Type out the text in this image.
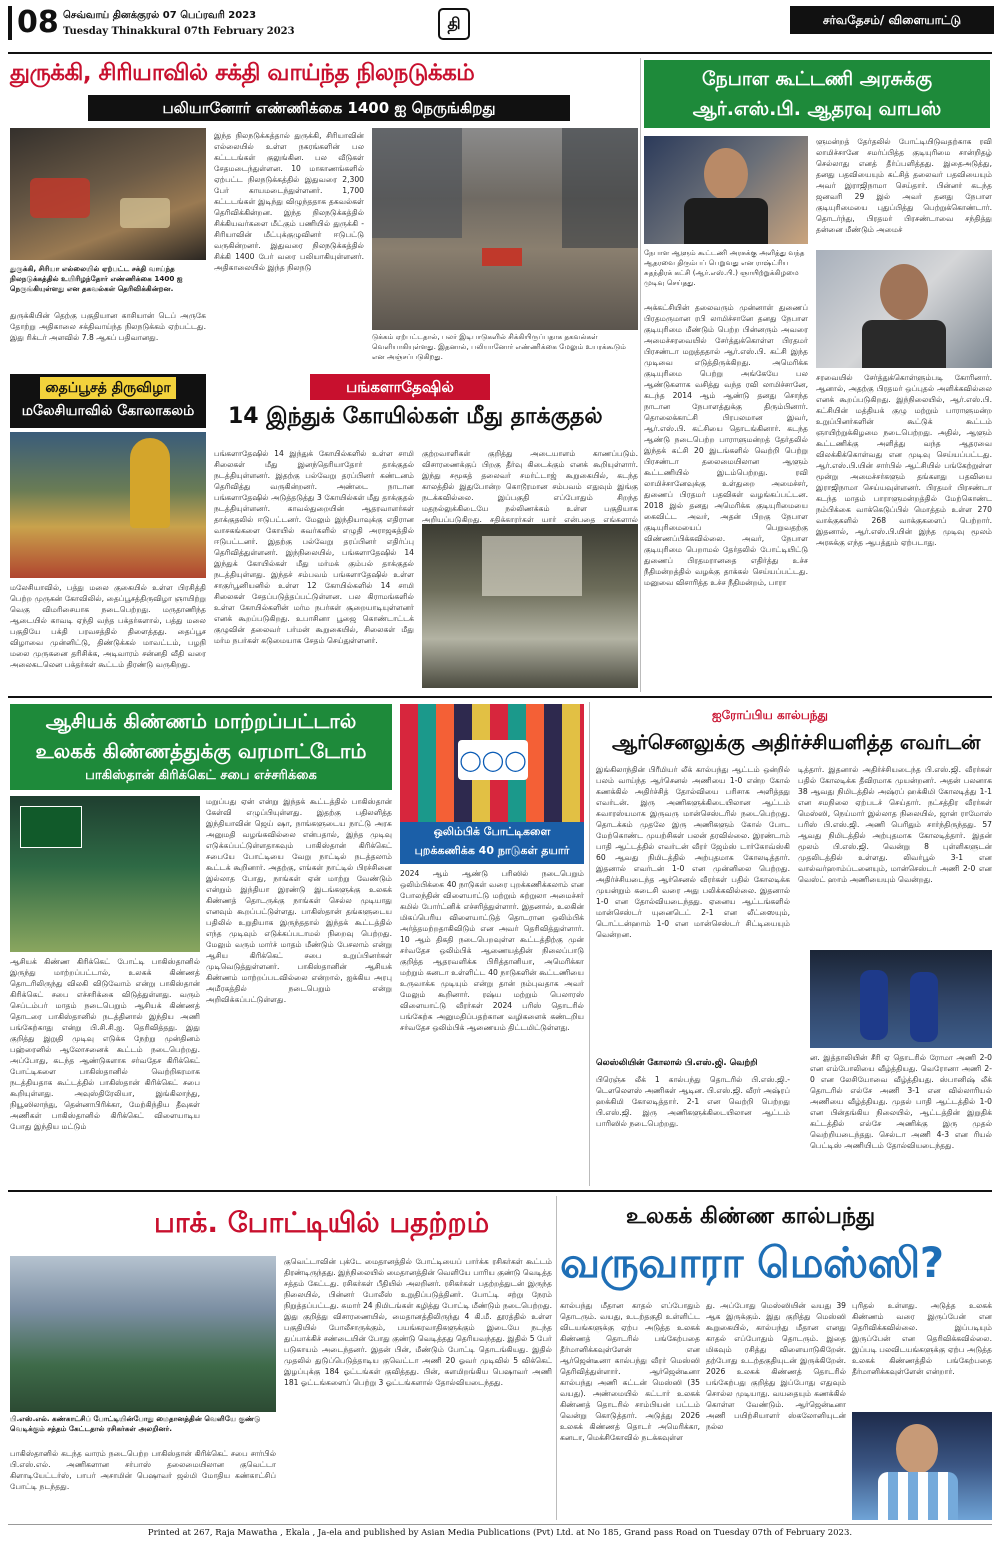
08 செவ்வாய் தினக்குரல் 07 பெப்ரவரி 2023
Tuesday Thinakkural 07th February 2023	தி	சர்வதேசம்/ விளையாட்டு
துருக்கி, சிரியாவில் சக்தி வாய்ந்த நிலநடுக்கம்
பலியானோர் எண்ணிக்கை 1400 ஐ நெருங்கிறது
துருக்கி, சிரியா எல்லையில் ஏற்பட்ட சக்தி வாய்ந்த நிலநடுக்கத்தில் உயிரிழந்தோர் எண்ணிக்கை 1400 ஐ நெருங்கியுள்ளது என தகவல்கள் தெரிவிக்கின்றன.
துருக்கியின் தெற்கு பகுதியான காசியான் டெப் அருகே தோற்று அதிகாலை சக்திவாய்ந்த நிலநடுக்கம் ஏற்பட்டது. இது ரிக்டர் அளவில் 7.8 ஆகப் பதிவானது.
இந்த நிலநடுக்கத்தால் துருக்கி, சிரியாவின் எல்லையில் உள்ள நகரங்களின் பல கட்டடங்கள் குலுங்கின. பல வீடுகள் சேதமடைந்துள்ளன. 10 மாகாணங்களில் ஏற்பட்ட நிலநடுக்கத்தில் இதுவரை 2,300 பேர் காயமடைந்துள்ளனர். 1,700 கட்டடங்கள் இடிந்து விழுந்ததாக தகவல்கள் தெரிவிக்கின்றன. இந்த நிலநடுக்கத்தில் சிக்கியவர்களை மீட்கும் பணியில் துருக்கி - சிரியாவின் மீட்புக்குழுவினர் ஈடுபட்டு வருகின்றனர். இதுவரை நிலநடுக்கத்தில் சிக்கி 1400 பேர் வரை பலியாகியுள்ளனர். அதிகாலையில் இந்த நிலநடு
டுக்கம் ஏற்பட்டதால், பலர் இடிபாடுகளில் சிக்கியிருப்பதாக தகவல்கள் வெளியாகியுள்ளது. இதனால், பலியானோர் எண்ணிக்கை மேலும் உயரக்கூடும் என அஞ்சப்படுகிறது.
நேபாள கூட்டணி அரசுக்கு
ஆர்.எஸ்.பி. ஆதரவு வாபஸ்
ளுமன்றத் தேர்தலில் போட்டியிடுவதற்காக ரவி லாமிச்சானே சமர்ப்பித்த குடியுரிமை சான்றிதழ் செல்லாது எனத் தீர்ப்பளித்தது. இதைஅடுத்து, தனது பதவியையும் கட்சித் தலைவர் பதவியையும் அவர் இராஜிநாமா செய்தார். பின்னர் கடந்த ஜனவரி 29 இல் அவர் தனது நேபாள குடியுரிமையை புதுப்பித்து பெற்றுக்கொண்டார். தொடர்ந்து, பிரதமர் பிரசண்டாவை சந்தித்து தன்னை மீண்டும் அமைச்
நேபாள ஆளும் கூட்டணி அரசுக்கு அளித்து வந்த ஆதரவை திரும்பப் பெறுவது என ராஷ்ட்ரிய சுதந்திரக் கட்சி (ஆர்.எஸ்.பி.) ஞாயிற்றுக்கிழமை முடிவு செய்தது.
அக்கட்சியின் தலைவரும் முன்னாள் துணைப் பிரதமருமான ரபி லாமிச்சானே தனது நேபாள குடியுரிமை மீண்டும் பெற்ற பின்னரும் அவரை அமைச்சரவையில் சேர்த்துக்கொள்ள பிரதமர் பிரசண்டா மறுத்ததால் ஆர்.எஸ்.பி. கட்சி இந்த முடிவை எடுத்திருக்கிறது. அமெரிக்க குடியுரிமை பெற்று அங்கேயே பல ஆண்டுகளாக வசித்து வந்த ரவி லாமிச்சானே, கடந்த 2014 ஆம் ஆண்டு தனது சொந்த நாடான நேபாளத்துக்கு திரும்பினார். தொலைக்காட்சி பிரபலமான இவர், ஆர்.எஸ்.பி. கட்சியை தொடங்கினார். கடந்த ஆண்டு நடைபெற்ற பாராளுமன்றத் தேர்தலில் இந்தக் கட்சி 20 இடங்களில் வெற்றி பெற்று பிரசண்டா தலைமையிலான ஆளும் கூட்டணியில் இடம்பெற்றது. ரவி லாமிச்சானேவுக்கு உள்துறை அமைச்சர், துணைப் பிரதமர் பதவிகள் வழங்கப்பட்டன. 2018 இல் தனது அமெரிக்க குடியுரிமையை கைவிட்ட அவர், அதன் பிறகு நேபாள குடியுரிமையைப் பெறுவதற்கு விண்ணப்பிக்கவில்லை. அவர், நேபாள குடியுரிமை பெறாமல் தேர்தலில் போட்டியிட்டு துணைப் பிரதமரானதை எதிர்த்து உச்ச நீதிமன்றத்தில் வழக்கு தாக்கல் செய்யப்பட்டது. மனுவை விசாரித்த உச்ச நீதிமன்றம், பாரா
சரவையில் சேர்த்துக்கொள்ளும்படி கோரினார். ஆனால், அதற்கு பிரதமர் ஒப்புதல் அளிக்கவில்லை எனக் கூறப்படுகிறது. இந்நிலையில், ஆர்.எஸ்.பி. கட்சியின் மத்தியக் குழு மற்றும் பாராளுமன்ற உறுப்பினர்களின் கூட்டுக் கூட்டம் ஞாயிற்றுக்கிழமை நடைபெற்றது. அதில், ஆளும் கூட்டணிக்கு அளித்து வந்த ஆதரவை விலக்கிக்கொள்வது என முடிவு செய்யப்பட்டது. ஆர்.எஸ்.பி.யின் சார்பில் ஆட்சியில் பங்கேற்றுள்ள மூன்று அமைச்சர்களும் தங்களது பதவியை இராஜிநாமா செய்யவுள்ளனர். பிரதமர் பிரசண்டா கடந்த மாதம் பாராளுமன்றத்தில் மேற்கொண்ட நம்பிக்கை வாக்கெடுப்பில் மொத்தம் உள்ள 270 வாக்குகளில் 268 வாக்குகளைப் பெற்றார். இதனால், ஆர்.எஸ்.பி.யின் இந்த முடிவு மூலம் அரசுக்கு எந்த ஆபத்தும் ஏற்படாது.
தைப்பூசத் திருவிழா
மலேசியாவில் கோலாகலம்
மலேசியாவில், பத்து மலை குகையில் உள்ள பிரசித்தி பெற்ற முருகன் கோவிலில், தைப்பூசத்திருவிழா ஞாயிற்று வெகு விமரிசையாக நடைபெற்றது. மருதாணிந்த ஆடையில் காவடி ஏந்தி வந்த பக்தர்களால், பத்து மலை பகுதியே பக்தி பரவசத்தில் திளைத்தது. தைப்பூச விழாவை முன்னிட்டு, திண்டுக்கல் மாவட்டம், பழநி மலை முருகனை தரிசிக்க, அடிவாரம் சன்னதி வீதி வரை அலைகடலென பக்தர்கள் கூட்டம் திரண்டு வருகிறது.
பங்களாதேஷில்
14 இந்துக் கோயில்கள் மீது தாக்குதல்
பங்களாதேஷில் 14 இந்துக் கோயில்களில் உள்ள சாமி சிலைகள் மீது இனந்தெரியாதோர் தாக்குதல் நடத்தியுள்ளனர். இதற்கு பல்வேறு தரப்பினர் கண்டனம் தெரிவித்து வருகின்றனர். அண்டை நாடான பங்களாதேஷில் அடுத்தடுத்து 3 கோயில்கள் மீது தாக்குதல் நடத்தியுள்ளனர். காவல்துறையின் ஆதரவாளர்கள் தாக்குதலில் ஈடுபட்டனர். மேலும் இந்தியாவுக்கு எதிரான வாசகங்களை கோயில் சுவர்களில் எழுதி அராஜகத்தில் ஈடுபட்டனர். இதற்கு பல்வேறு தரப்பினர் எதிர்ப்பு தெரிவித்துள்ளனர். இந்நிலையில், பங்களாதேஷில் 14 இந்துக் கோயில்கள் மீது மர்மக் கும்பல் தாக்குதல் நடத்தியுள்ளது. இந்தச் சம்பவம் பங்களாதேஷில் உள்ள சாகுர்பூனியனில் உள்ள 12 கோயில்களில் 14 சாமி சிலைகள் சேதப்படுத்தப்பட்டுள்ளன. பல கிராமங்களில் உள்ள கோயில்களின் மர்ம நபர்கள் சூறையாடியுள்ளனர் எனக் கூறப்படுகிறது. உபாசினா பூஜை கொண்டாட்டக் குழுவின் தலைவர் பர்மன் கூறுகையில், சிலைகள் மீது மர்ம நபர்கள் கடுமையாக சேதம் செய்துள்ளனர்.
குற்றவாளிகள் குறித்து அடையாளம் காணப்படும். விசாரணைக்குப் பிறகு தீர்வு கிடைக்கும் எனக் கூறியுள்ளார். இந்து சமூகத் தலைவர் சமர்ட்டாஜ் கூறுகையில், கடந்த காலத்தில் இதுபோன்ற கொடூரமான சம்பவம் எதுவும் இங்கு நடக்கவில்லை. இப்பகுதி எப்போதும் சிறந்த மதநல்லுக்கிடையே நல்லிணக்கம் உள்ள பகுதியாக அறியப்படுகிறது. சதிக்காரர்கள் யார் என்பதை எங்களால்
ஆசியக் கிண்ணம் மாற்றப்பட்டால்
உலகக் கிண்ணத்துக்கு வரமாட்டோம்
பாகிஸ்தான் கிரிக்கெட் சபை எச்சரிக்கை
ஆசியக் கிண்ண கிரிக்கெட் போட்டி பாகிஸ்தானில் இருந்து மாற்றப்பட்டால், உலகக் கிண்ணத் தொடரிலிருந்து விலகி விடுவோம் என்று பாகிஸ்தான் கிரிக்கெட் சபை எச்சரிக்கை விடுத்துள்ளது. வரும் செப்டம்பர் மாதம் நடைபெறும் ஆசியக் கிண்ணத் தொடரை பாகிஸ்தானில் நடத்தினால் இந்திய அணி பங்கேற்காது என்று பி.சி.சி.ஐ. தெரிவித்தது. இது குறித்து இறுதி முடிவு எடுக்க நேற்று முன்தினம் பஹ்ரைனில் ஆலோசனைக் கூட்டம் நடைபெற்றது. அப்போது, கடந்த ஆண்டுகளாக சர்வதேச கிரிக்கெட் போட்டிகளை பாகிஸ்தானில் வெற்றிகரமாக நடத்தியதாக கூட்டத்தில் பாகிஸ்தான் கிரிக்கெட் சபை கூறியுள்ளது. அவுஸ்திரேலியா, இங்கிலாந்து, நியூஸிலாந்து, தென்னாபிரிக்கா, மேற்கிந்திய தீவுகள் அணிகள் பாகிஸ்தானில் கிரிக்கெட் விளையாடிய போது இந்திய மட்டும்
மறுப்பது ஏன் என்று இந்தக் கூட்டத்தில் பாகிஸ்தான் கேள்வி எழுப்பியுள்ளது. இதற்கு பதிலளித்த இந்தியாவின் ஜெய் ஷா, நாங்களுடைய நாட்டு அரசு அனுமதி வழங்கவில்லை என்பதால், இந்த முடிவு எடுக்கப்பட்டுள்ளதாகவும் பாகிஸ்தான் கிரிக்கெட் சபையே போட்டியை வேறு நாட்டில் நடத்தலாம் கூட்டக் கூறினார். அதற்கு, எங்கள் நாட்டில் பிரச்சினை இல்லாத போது, நாங்கள் ஏன் மாற்று வேண்டும் என்றும் இந்தியா இரண்டு இடங்களுக்கு உலகக் கிண்ணத் தொடருக்கு நாங்கள் செல்ல முடியாது எனவும் கூறப்பட்டுள்ளது. பாகிஸ்தான் தங்களுடைய பதிலில் உறுதியாக இருந்ததால் இந்தக் கூட்டத்தில் எந்த முடிவும் எடுக்கப்படாமல் நிறைவு பெற்றது. மேலும் வரும் மார்ச் மாதம் மீண்டும் பேசலாம் என்று ஆசிய கிரிக்கெட் சபை உறுப்பினர்கள் முடிவெடுத்துள்ளனர். பாகிஸ்தானின் ஆசியக் கிண்ணம் மாற்றப்படவில்லை என்றால், ஐக்கிய அரபு அமீரகத்தில் நடைபெறும் என்று அறிவிக்கப்பட்டுள்ளது.
◯◯◯
ஒலிம்பிக் போட்டிகளை
புறக்கணிக்க 40 நாடுகள் தயார்
2024 ஆம் ஆண்டு பரிஸில் நடைபெறும் ஒலிம்பிக்கை 40 நாடுகள் வரை புறக்கணிக்கலாம் என போலந்தின் விளையாட்டு மற்றும் சுற்றுலா அமைச்சர் கமில் போர்ட்னிக் எச்சரித்துள்ளார். இதனால், உலகின் மிகப்பெரிய விளையாட்டுத் தொடரான ஒலிம்பிக் அர்த்தமற்றதாகிவிடும் என அவர் தெரிவித்துள்ளார். 10 ஆம் திகதி நடைபெறவுள்ள கூட்டத்திற்கு முன் சர்வதேச ஒலிம்பிக் ஆணையத்தின் நிலைப்பாடு குறித்த ஆதரவளிக்க பிரித்தானியா, அமெரிக்கா மற்றும் கனடா உள்ளிட்ட 40 நாடுகளின் கூட்டணியை உருவாக்க முடியும் என்று தான் நம்புவதாக அவர் மேலும் கூறினார். ரஷ்ய மற்றும் பெலாரஸ் விளையாட்டு வீரர்கள் 2024 பரிஸ் தொடரில் பங்கேற்க அனுமதிப்பதற்கான வழிகளைக் கண்டறிய சர்வதேச ஒலிம்பிக் ஆணையம் திட்டமிட்டுள்ளது.
ஐரோப்பிய கால்பந்து
ஆர்செனலுக்கு அதிர்ச்சியளித்த எவர்டன்
இங்கிலாந்தின் பிரீமியர் லீக் கால்பந்து ஆட்டம் ஒன்றில் பலம் வாய்ந்த ஆர்செனல் அணியை 1-0 என்ற கோல் கணக்கில் அதிர்ச்சித் தோல்வியை பரிசாக அளித்தது எவர்டன். இரு அணிகளுக்கிடையிலான ஆட்டம் சுவாரஸ்யமாக இருவரு மான்செஸ்டரில் நடைபெற்றது. தொடக்கம் முதலே இரு அணிகளும் கோல் போட மேற்கொண்ட முயற்சிகள் பலன் தரவில்லை. இரண்டாம் பாதி ஆட்டத்தில் எவர்டன் வீரர் ஜேம்ஸ் டார்கோவ்ஸ்கி 60 ஆவது நிமிடத்தில் அற்புதமாக கோலடித்தார். இதனால் எவர்டன் 1-0 என முன்னிலை பெற்றது. அதிர்ச்சியடைந்த ஆர்செனல் வீரர்கள் பதில் கோலடிக்க முயன்றும் கடைசி வரை அது பலிக்கவில்லை. இதனால் 1-0 என தோல்வியடைந்தது. ஏனைய ஆட்டங்களில் மான்செஸ்டர் யுனைடெட் 2-1 என லீட்ஸையும், டொட்டன்ஹாம் 1-0 என மான்செஸ்டர் சிட்டியையும் வென்றன.
லெஸ்லியின் கோலால் பி.எஸ்.ஜி. வெற்றி
பிரெஞ்சு லீக் 1 கால்பந்து தொடரில் பி.எஸ்.ஜி.-டௌலௌஸ் அணிகள் ஆடின. பி.எஸ்.ஜி. வீரர் அஷ்ரப் ஹக்கிமி கோலடித்தார். 2-1 என வெற்றி பெற்றது பி.எஸ்.ஜி. இரு அணிகளுக்கிடையிலான ஆட்டம் பாரிஸில் நடைபெற்றது.
டித்தார். இதனால் அதிர்ச்சியடைந்த பி.எஸ்.ஜி. வீரர்கள் பதில் கோலடிக்க தீவிரமாக முயன்றனர். அதன் பலனாக 38 ஆவது நிமிடத்தில் அஷ்ரப் ஹக்கிமி கோலடித்து 1-1 என சமநிலை ஏற்படச் செய்தார். நட்சத்திர வீரர்கள் மெஸ்ஸி, நெய்மார் இல்லாத நிலையில், ஜான் ராமோஸ் பரிஸ் பி.எஸ்.ஜி. அணி பெரிதும் சார்ந்திருந்தது. 57 ஆவது நிமிடத்தில் அற்புதமாக கோலடித்தார். இதன் மூலம் பி.எஸ்.ஜி. வென்று 8 புள்ளிகளுடன் முதலிடத்தில் உள்ளது. லிவர்பூல் 3-1 என வால்வர்ஹாம்ப்டனையும், மான்செஸ்டர் அணி 2-0 என வெஸ்ட் ஹாம் அணியையும் வென்றது.
ன. இத்தாலியின் சீரி ஏ தொடரில் ரோமா அணி 2-0 என எம்போலியை வீழ்த்தியது. வெரோனா அணி 2-0 என லேசியோவை வீழ்த்தியது. ஸ்பானிஷ் லீக் தொடரில் எல்சே அணி 3-1 என வில்லாரியல் அணியை வீழ்த்தியது. முதல் பாதி ஆட்டத்தில் 1-0 என பின்தங்கிய நிலையில், ஆட்டத்தின் இறுதிக் கட்டத்தில் எல்சே அணிக்கு இரு முதல் வெற்றியடைந்தது. செல்டா அணி 4-3 என ரியல் பெட்டிஸ் அணியிடம் தோல்வியடைந்தது.
பாக். போட்டியில் பதற்றம்
பி.எஸ்.எல். கண்காட்சிப் போட்டியின்போது மைதானத்தின் வெளியே குண்டு வெடிக்கும் சத்தம் கேட்டதால் ரசிகர்கள் அலறினர்.
பாகிஸ்தானில் கடந்த வாரம் நடைபெற்ற பாகிஸ்தான் கிரிக்கெட் சபை சார்பில் பி.எஸ்.எல். அணிகளான சர்பாஸ் தலைமையிலான குவெட்டா கிளாடியேட்டர்ஸ், பாபர் அசாமின் பெஷாவர் ஜல்மி மோதிய கண்காட்சிப் போட்டி நடந்தது.
குவெட்டாவின் புக்டே மைதானத்தில் போட்டியைப் பார்க்க ரசிகர்கள் கூட்டம் திரண்டிருந்தது. இந்நிலையில் மைதானத்தின் வெளியே பாரிய குண்டு வெடித்த சத்தம் கேட்டது. ரசிகர்கள் பீதியில் அலறினர். ரசிகர்கள் பதற்றத்துடன் இருந்த நிலையில், பின்னர் போலீஸ் உறுதிப்படுத்தினர். போட்டி சற்று நேரம் நிறுத்தப்பட்டது. சுமார் 24 நிமிடங்கள் கழித்து போட்டி மீண்டும் நடைபெற்றது. இது குறித்து விசாரணையில், மைதானத்திலிருந்து 4 கி.மீ. தூரத்தில் உள்ள பகுதியில் போலீசாருக்கும், பயங்கரவாதிகளுக்கும் இடையே நடந்த துப்பாக்கிச் சண்டையின் போது குண்டு வெடித்தது தெரியவந்தது. இதில் 5 பேர் படுகாயம் அடைந்தனர். இதன் பின், மீண்டும் போட்டி தொடங்கியது. இதில் முதலில் துடுப்பெடுத்தாடிய குவெட்டா அணி 20 ஓவர் முடிவில் 5 விக்கெட் இழப்புக்கு 184 ஓட்டங்கள் குவித்தது. பின், களமிறங்கிய பெஷாவர் அணி 181 ஓட்டங்களைப் பெற்று 3 ஓட்டங்களால் தோல்வியடைந்தது.
உலகக் கிண்ண கால்பந்து
வருவாரா மெஸ்ஸி?
கால்பந்து மீதான காதல் எப்போதும் தொடரும். வயது, உடற்தகுதி உள்ளிட்ட விடயங்களுக்கு ஏற்ப அடுத்த உலகக் கிண்ணத் தொடரில் பங்கேற்பதை தீர்மானிக்கவுள்ளேன் என ஆர்ஜென்டீனா கால்பந்து வீரர் மெஸ்ஸி தெரிவித்துள்ளார். ஆர்ஜென்டீனா கால்பந்து அணி கட்டன் மெஸ்ஸி (35 வயது). அண்மையில் கட்டார் உலகக் கிண்ணத் தொடரில் சாம்பியன் பட்டம் வென்று கொடுத்தார். அடுத்து 2026 உலகக் கிண்ணத் தொடர் அமெரிக்கா, கனடா, மெக்சிகோவில் நடக்கவுள்ள
து. அப்போது மெஸ்ஸியின் வயது 39 ஆக இருக்கும். இது குறித்து மெஸ்ஸி கூறுகையில், கால்பந்து மீதான எனது காதல் எப்போதும் தொடரும். இதை மிகவும் ரசித்து விளையாடுகிறேன். தற்போது உடற்தகுதியுடன் இருக்கிறேன். 2026 உலகக் கிண்ணத் தொடரில் பங்கேற்பது குறித்து இப்போது எதுவும் சொல்ல முடியாது. வயதையும் கணக்கில் கொள்ள வேண்டும். ஆர்ஜென்டீனா அணி பயிற்சியாளர் ஸ்கலோனியுடன் நல்ல
புரிதல் உள்ளது. அடுத்த உலகக் கிண்ணம் வரை இருப்பேன் என தெரிவிக்கவில்லை. இப்படியும் இருப்பேன் என தெரிவிக்கவில்லை. இப்படி பலவிடயங்களுக்கு ஏற்ப அடுத்த உலகக் கிண்ணத்தில் பங்கேற்பதை தீர்மானிக்கவுள்ளேன் என்றார்.
Printed at 267, Raja Mawatha , Ekala , Ja-ela and published by Asian Media Publications (Pvt) Ltd. at No 185, Grand pass Road on Tuesday 07th of February 2023.
